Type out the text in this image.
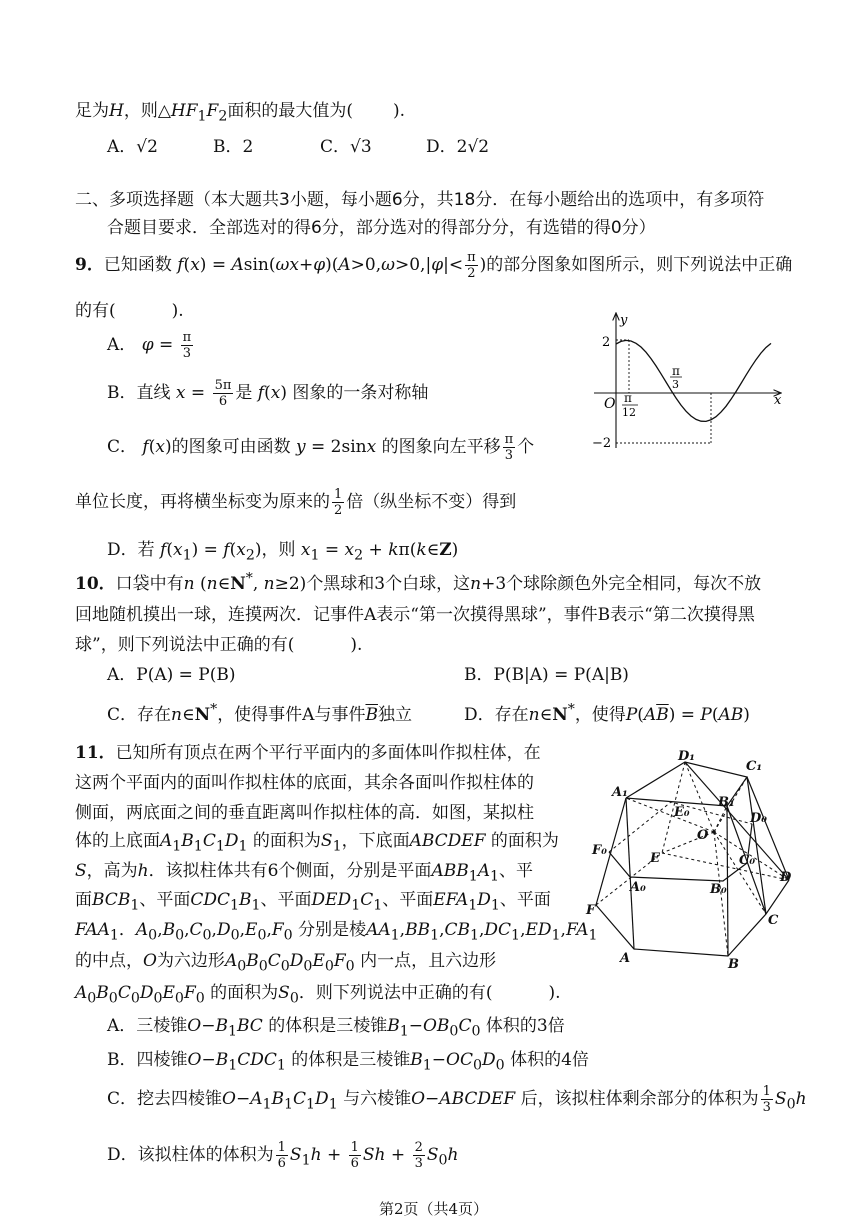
足为H，则$\triangle HF_1F_2$面积的最大值为( ).
A．√2	B．2	C．√3	D．2√2
二、多项选择题（本大题共3小题，每小题6分，共18分．在每小题给出的选项中，有多项符
合题目要求．全部选对的得6分，部分选对的得部分分，有选错的得0分）
9．已知函数 $f(x) = Asin(\omega x+\varphi)(A>0,\omega>0,|\varphi|< \frac{\pi}{2}$ )的部分图象如图所示，则下列说法中正确
的有(	).
A． $\varphi = \frac{\pi}{3}$
B．直线 $x = \frac{5\pi}{6}$ 是 f(x) 图象的一条对称轴
C． f(x)的图象可由函数 y = 2sinx 的图象向左平移 $\frac{\pi}{3}$ 个
单位长度，再将横坐标变为原来的 $\frac{1}{2}$ 倍（纵坐标不变）得到
D．若 $f(x_1) = f(x_2)$，则 $x_1 = x_2$ + kπ(k∈Z)
2
−2
y
x
O π
12
π
3
10．口袋中有n (n∈N*, n≥2)个黑球和3个白球，这n+3个球除颜色外完全相同，每次不放
回地随机摸出一球，连摸两次．记事件A表示“第一次摸得黑球”，事件B表示“第二次摸得黑
球”，则下列说法中正确的有(	).
A．P(A) = P(B)	B．P(B|A) = P(A|B)
C．存在n∈N*，使得事件A与事件$\overline{B}$独立	D．存在n∈N*，使得$P(A\overline{B}) = P(AB)$
11．已知所有顶点在两个平行平面内的多面体叫作拟柱体，在
这两个平面内的面叫作拟柱体的底面，其余各面叫作拟柱体的
侧面，两底面之间的垂直距离叫作拟柱体的高．如图，某拟柱
体的上底面$A_1B_1C_1D_1$ 的面积为$S_1$，下底面ABCDEF 的面积为
S，高为h．该拟柱体共有6个侧面，分别是平面$ABB_1A_1$、平
面$BCB_1$、平面$CDC_1B_1$、平面$DED_1C_1$、平面$EFA_1D_1$、平面
$FAA_1$．$A_0,B_0,C_0,D_0,E_0,F_0$ 分别是棱$AA_1,BB_1,CB_1,DC_1,ED_1,FA_1$
的中点，O为六边形$A_0B_0C_0D_0E_0F_0$ 内一点，且六边形
$A_0B_0C_0D_0E_0F_0$ 的面积为$S_0$．则下列说法中正确的有(	).
A．三棱锥$O-B_1BC$ 的体积是三棱锥$B_1-OB_0C_0$ 体积的3倍
B．四棱锥$O-B_1CDC_1$ 的体积是三棱锥$B_1-OC_0D_0$ 体积的4倍
C．挖去四棱锥$O-A_1B_1C_1D_1$ 与六棱锥O−ABCDEF 后，该拟柱体剩余部分的体积为 $\frac{1}{3} S_0h$
D．该拟柱体的体积为 $\frac{1}{6} S_1h + \frac{1}{6}$ $Sh + \frac{2}{3} S_0h$
D₁
C₁
A₁
B₁
E₀	D₀
O
F₀
E	C₀
A₀	B₀
D
F
C
A	B
第2页（共4页）
